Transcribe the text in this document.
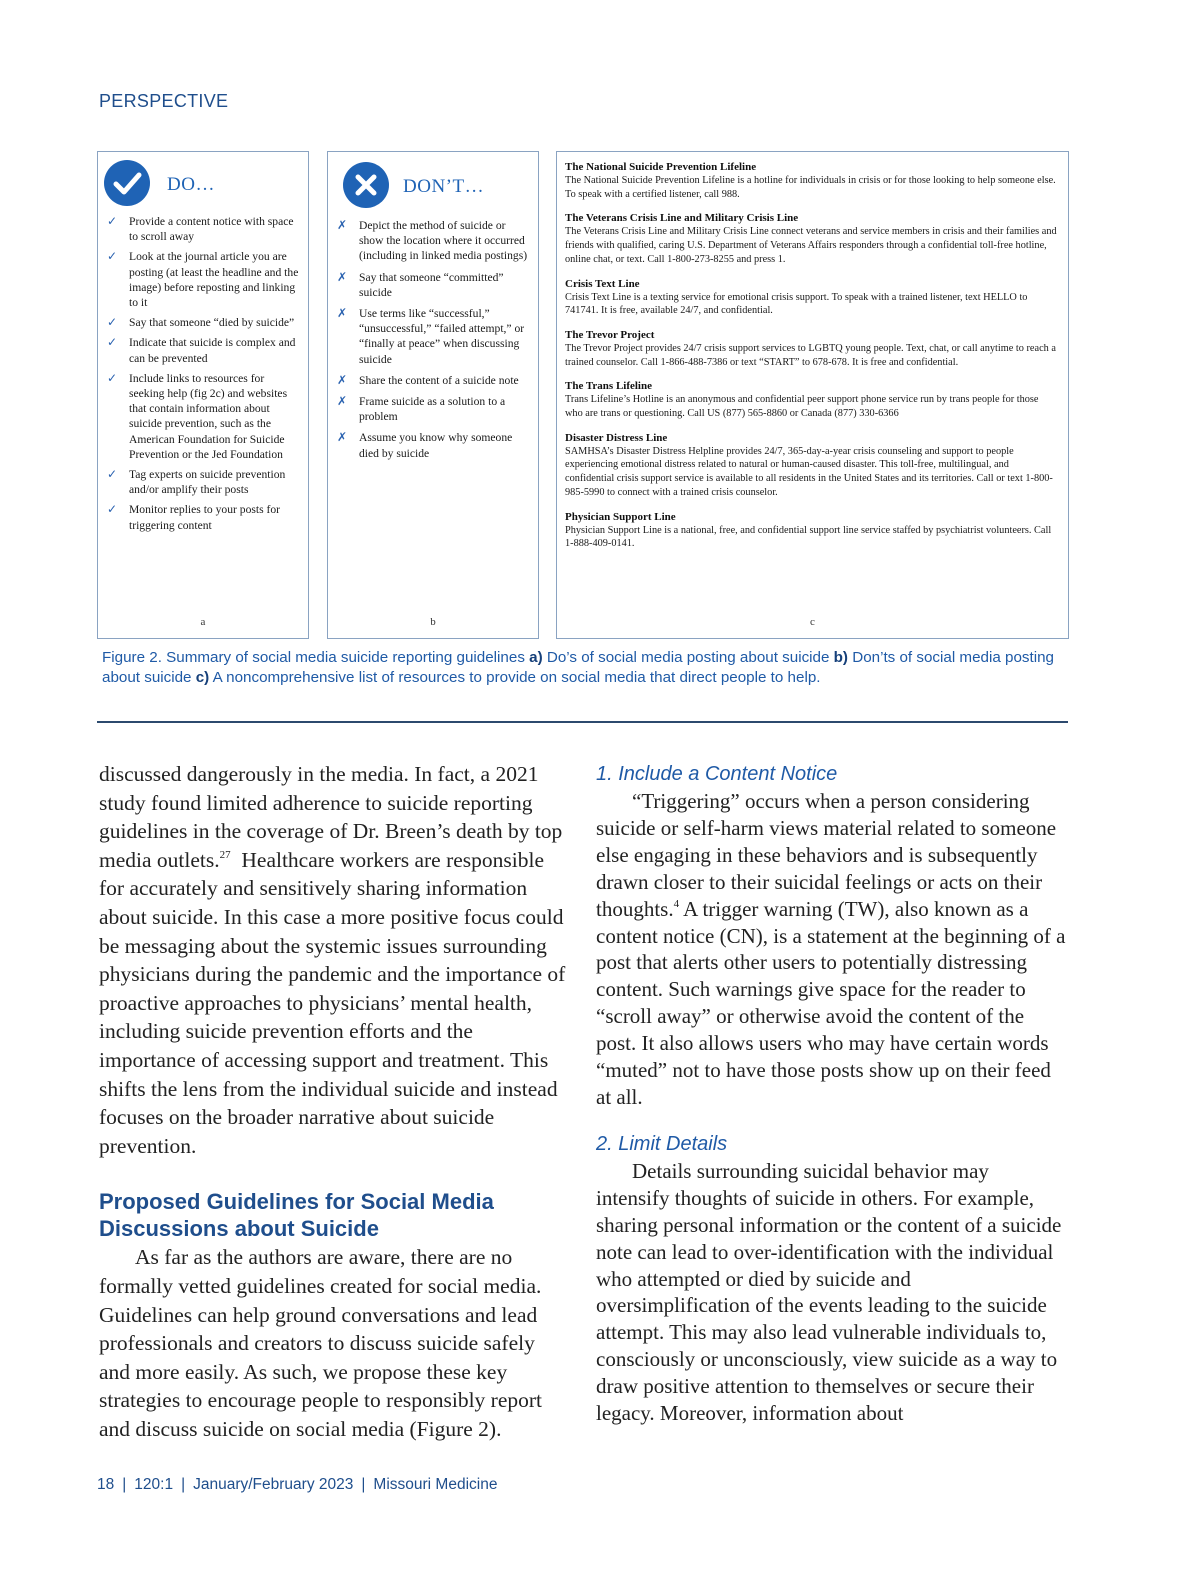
PERSPECTIVE
DO…
✓ Provide a content notice with space to scroll away
✓ Look at the journal article you are posting (at least the headline and the image) before reposting and linking to it
✓ Say that someone “died by suicide”
✓ Indicate that suicide is complex and can be prevented
✓ Include links to resources for seeking help (fig 2c) and websites that contain information about suicide prevention, such as the American Foundation for Suicide Prevention or the Jed Foundation
✓ Tag experts on suicide prevention and/or amplify their posts
✓ Monitor replies to your posts for triggering content
a
DON’T…
✗ Depict the method of suicide or show the location where it occurred (including in linked media postings)
✗ Say that someone “committed” suicide
✗ Use terms like “successful,” “unsuccessful,” “failed attempt,” or “finally at peace” when discussing suicide
✗ Share the content of a suicide note
✗ Frame suicide as a solution to a problem
✗ Assume you know why someone died by suicide
b
The National Suicide Prevention Lifeline
The National Suicide Prevention Lifeline is a hotline for individuals in crisis or for those looking to help someone else. To speak with a certified listener, call 988.
The Veterans Crisis Line and Military Crisis Line
The Veterans Crisis Line and Military Crisis Line connect veterans and service members in crisis and their families and friends with qualified, caring U.S. Department of Veterans Affairs responders through a confidential toll-free hotline, online chat, or text. Call 1-800-273-8255 and press 1.
Crisis Text Line
Crisis Text Line is a texting service for emotional crisis support. To speak with a trained listener, text HELLO to 741741. It is free, available 24/7, and confidential.
The Trevor Project
The Trevor Project provides 24/7 crisis support services to LGBTQ young people. Text, chat, or call anytime to reach a trained counselor. Call 1-866-488-7386 or text “START” to 678-678. It is free and confidential.
The Trans Lifeline
Trans Lifeline’s Hotline is an anonymous and confidential peer support phone service run by trans people for those who are trans or questioning. Call US (877) 565-8860 or Canada (877) 330-6366
Disaster Distress Line
SAMHSA’s Disaster Distress Helpline provides 24/7, 365-day-a-year crisis counseling and support to people experiencing emotional distress related to natural or human-caused disaster. This toll-free, multilingual, and confidential crisis support service is available to all residents in the United States and its territories. Call or text 1-800-985-5990 to connect with a trained crisis counselor.
Physician Support Line
Physician Support Line is a national, free, and confidential support line service staffed by psychiatrist volunteers. Call 1-888-409-0141.
c
Figure 2. Summary of social media suicide reporting guidelines a) Do’s of social media posting about suicide b) Don’ts of social media posting about suicide c) A noncomprehensive list of resources to provide on social media that direct people to help.

discussed dangerously in the media. In fact, a 2021 study found limited adherence to suicide reporting guidelines in the coverage of Dr. Breen’s death by top media outlets.$^{27}$  Healthcare workers are responsible for accurately and sensitively sharing information about suicide. In this case a more positive focus could be messaging about the systemic issues surrounding physicians during the pandemic and the importance of proactive approaches to physicians’ mental health, including suicide prevention efforts and the importance of accessing support and treatment. This shifts the lens from the individual suicide and instead focuses on the broader narrative about suicide prevention.

Proposed Guidelines for Social Media Discussions about Suicide

As far as the authors are aware, there are no formally vetted guidelines created for social media. Guidelines can help ground conversations and lead professionals and creators to discuss suicide safely and more easily. As such, we propose these key strategies to encourage people to responsibly report and discuss suicide on social media (Figure 2).

1. Include a Content Notice

“Triggering” occurs when a person considering suicide or self-harm views material related to someone else engaging in these behaviors and is subsequently drawn closer to their suicidal feelings or acts on their thoughts.$^4$ A trigger warning (TW), also known as a content notice (CN), is a statement at the beginning of a post that alerts other users to potentially distressing content. Such warnings give space for the reader to “scroll away” or otherwise avoid the content of the post. It also allows users who may have certain words “muted” not to have those posts show up on their feed at all.

2. Limit Details

Details surrounding suicidal behavior may intensify thoughts of suicide in others. For example, sharing personal information or the content of a suicide note can lead to over-identification with the individual who attempted or died by suicide and oversimplification of the events leading to the suicide attempt. This may also lead vulnerable individuals to, consciously or unconsciously, view suicide as a way to draw positive attention to themselves or secure their legacy. Moreover, information about

18 | 120:1 | January/February 2023 | Missouri Medicine
